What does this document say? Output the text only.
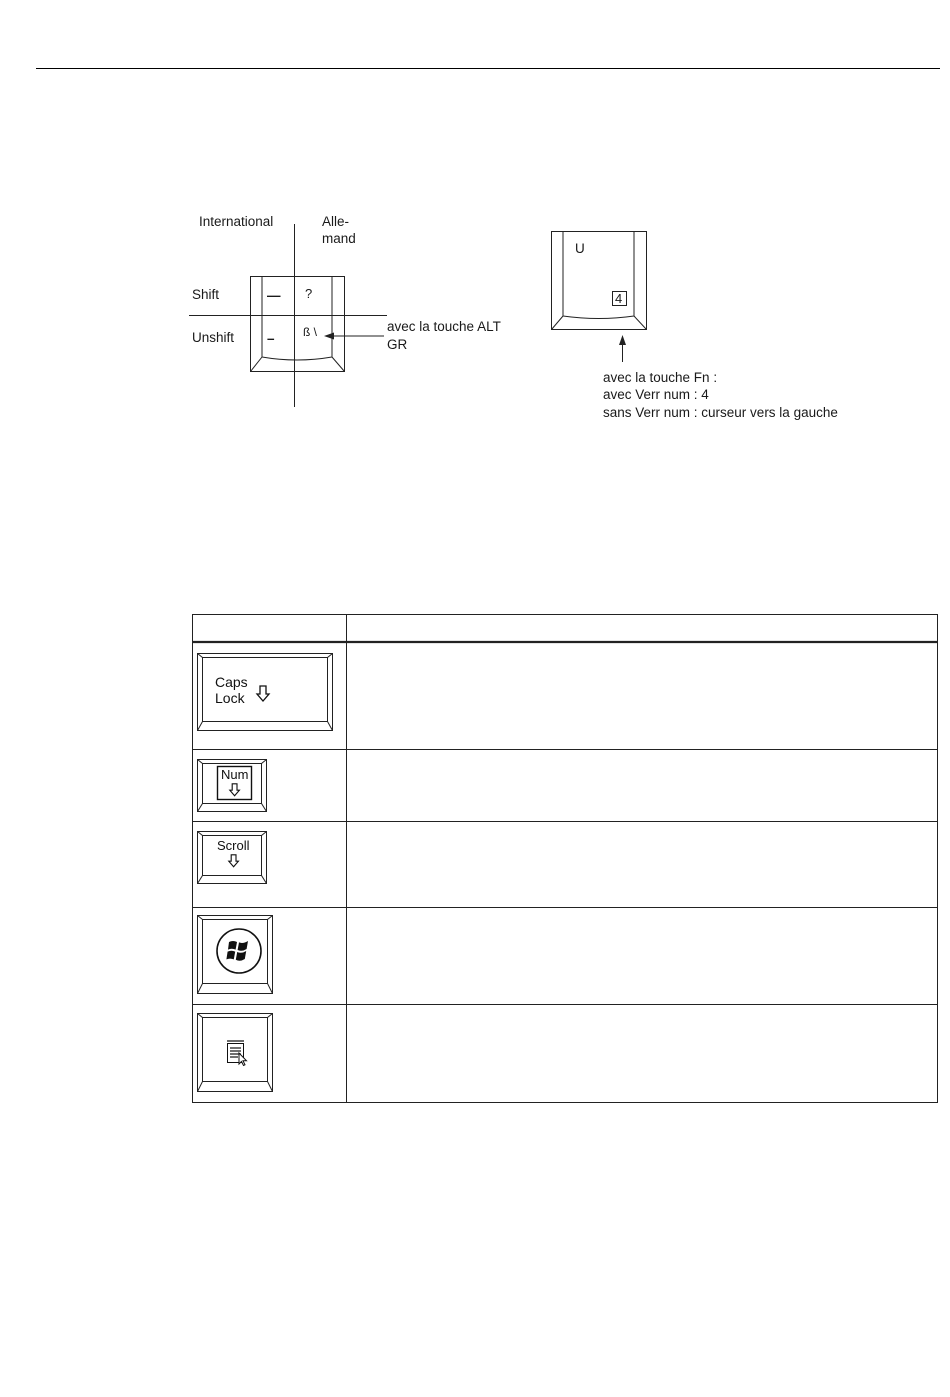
International	Alle-
mand
Shift
Unshift
— ?
– ß \	avec la touche ALT
GR
U
4
avec la touche Fn :
avec Verr num : 4
sans Verr num : curseur vers la gauche
Caps
Lock
Num
Scroll
